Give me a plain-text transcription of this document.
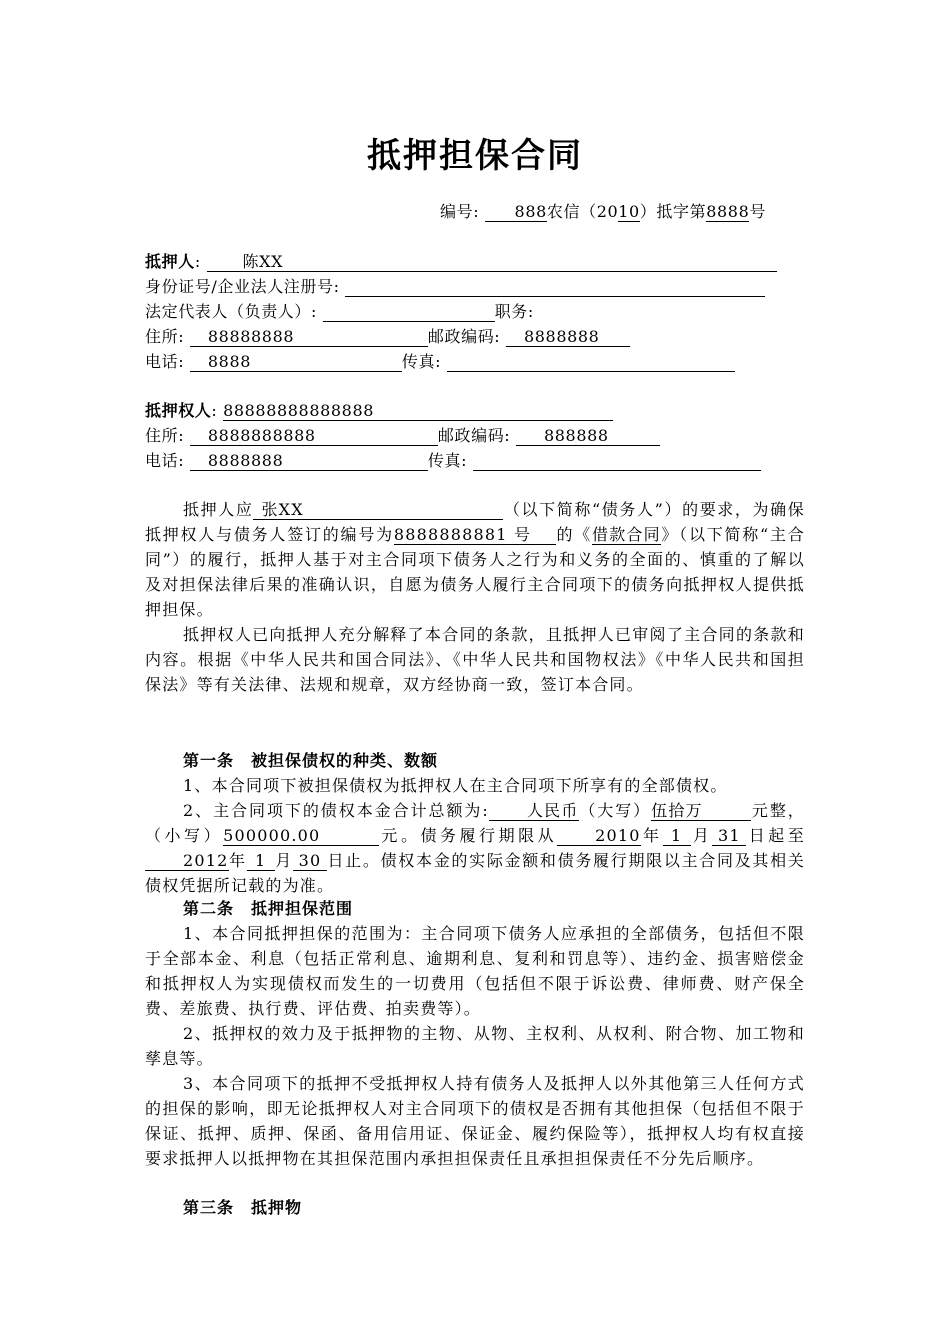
抵押担保合同
编号: 888农信（2010）抵字第8888号
抵押人:	陈XX
身份证号/企业法人注册号:
法定代表人（负责人）:	职务:
住所: 88888888	邮政编码: 8888888
电话: 8888	传真:
抵押权人: 88888888888888
住所: 8888888888	邮政编码: 888888
电话: 8888888	传真:
抵押人应 张XX	（以下简称“债务人”）的要求，为确保抵押权人与债务人签订的编号为8888888881 号 的《借款合同》（以下简称“主合同”）的履行，抵押人基于对主合同项下债务人之行为和义务的全面的、慎重的了解以及对担保法律后果的准确认识，自愿为债务人履行主合同项下的债务向抵押权人提供抵押担保。
抵押权人已向抵押人充分解释了本合同的条款，且抵押人已审阅了主合同的条款和内容。根据《中华人民共和国合同法》、《中华人民共和国物权法》《中华人民共和国担保法》等有关法律、法规和规章，双方经协商一致，签订本合同。
第一条　被担保债权的种类、数额
1、本合同项下被担保债权为抵押权人在主合同项下所享有的全部债权。
2、主合同项下的债权本金合计总额为: 人民币（大写）伍拾万	元整，（小写）500000.00	元。债务履行期限从 2010年 1 月 31 日起至2012年 1 月 30 日止。债权本金的实际金额和债务履行期限以主合同及其相关债权凭据所记载的为准。
第二条　抵押担保范围
1、本合同抵押担保的范围为：主合同项下债务人应承担的全部债务，包括但不限于全部本金、利息（包括正常利息、逾期利息、复利和罚息等）、违约金、损害赔偿金和抵押权人为实现债权而发生的一切费用（包括但不限于诉讼费、律师费、财产保全费、差旅费、执行费、评估费、拍卖费等）。
2、抵押权的效力及于抵押物的主物、从物、主权利、从权利、附合物、加工物和孳息等。
3、本合同项下的抵押不受抵押权人持有债务人及抵押人以外其他第三人任何方式的担保的影响，即无论抵押权人对主合同项下的债权是否拥有其他担保（包括但不限于保证、抵押、质押、保函、备用信用证、保证金、履约保险等），抵押权人均有权直接要求抵押人以抵押物在其担保范围内承担担保责任且承担担保责任不分先后顺序。
第三条　抵押物
